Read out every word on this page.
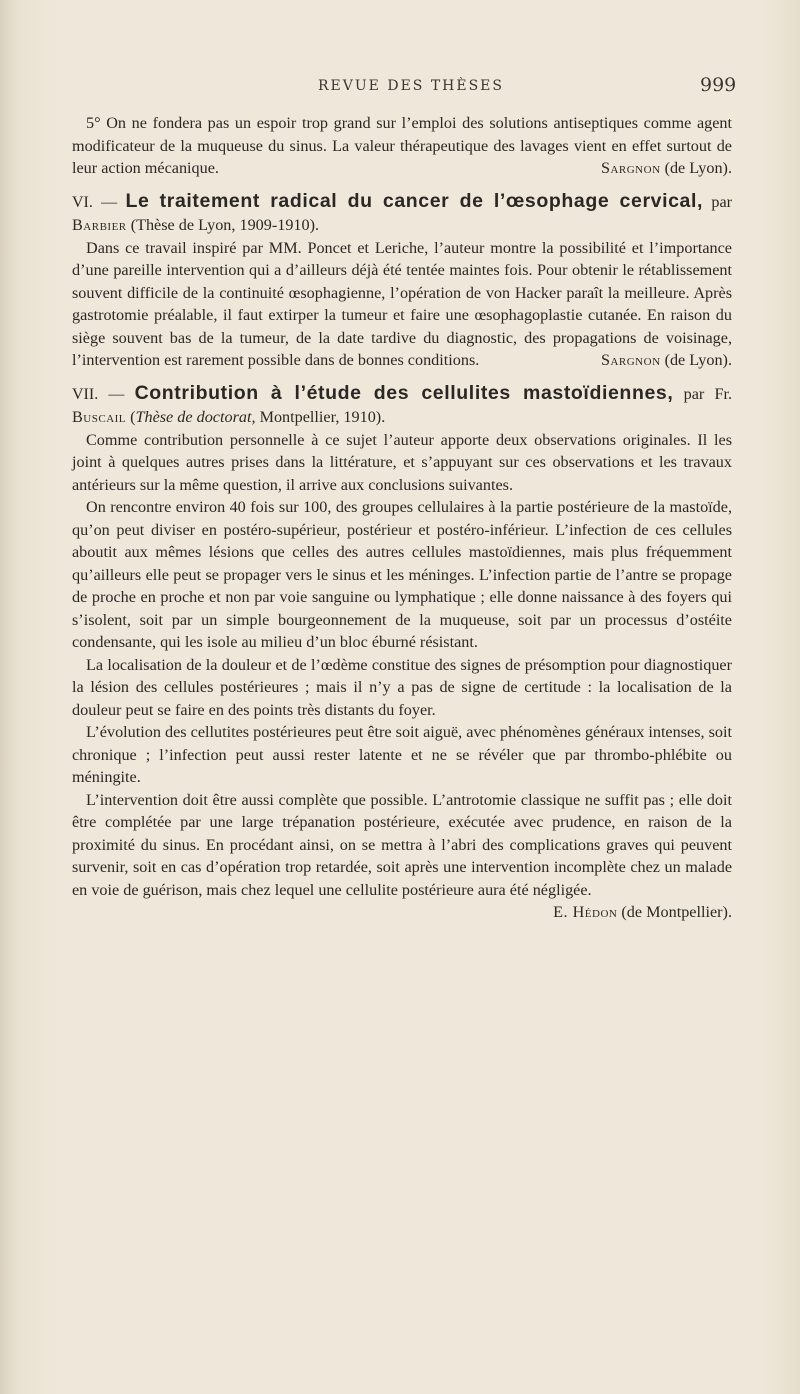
REVUE DES THÈSES	999

5° On ne fondera pas un espoir trop grand sur l’emploi des solutions antiseptiques comme agent modificateur de la muqueuse du sinus. La valeur thérapeutique des lavages vient en effet surtout de leur action mécanique.	Sargnon (de Lyon).

VI. — Le traitement radical du cancer de l’œsophage cervical, par Barbier (Thèse de Lyon, 1909-1910).

Dans ce travail inspiré par MM. Poncet et Leriche, l’auteur montre la possibilité et l’importance d’une pareille intervention qui a d’ailleurs déjà été tentée maintes fois. Pour obtenir le rétablissement souvent difficile de la continuité œsophagienne, l’opération de von Hacker paraît la meilleure. Après gastrotomie préalable, il faut extirper la tumeur et faire une œsophagoplastie cutanée. En raison du siège souvent bas de la tumeur, de la date tardive du diagnostic, des propagations de voisinage, l’intervention est rarement possible dans de bonnes conditions.	Sargnon (de Lyon).

VII. — Contribution à l’étude des cellulites mastoïdiennes, par Fr. Buscail (Thèse de doctorat, Montpellier, 1910).

Comme contribution personnelle à ce sujet l’auteur apporte deux observations originales. Il les joint à quelques autres prises dans la littérature, et s’appuyant sur ces observations et les travaux antérieurs sur la même question, il arrive aux conclusions suivantes.

On rencontre environ 40 fois sur 100, des groupes cellulaires à la partie postérieure de la mastoïde, qu’on peut diviser en postéro-supérieur, postérieur et postéro-inférieur. L’infection de ces cellules aboutit aux mêmes lésions que celles des autres cellules mastoïdiennes, mais plus fréquemment qu’ailleurs elle peut se propager vers le sinus et les méninges. L’infection partie de l’antre se propage de proche en proche et non par voie sanguine ou lymphatique ; elle donne naissance à des foyers qui s’isolent, soit par un simple bourgeonnement de la muqueuse, soit par un processus d’ostéite condensante, qui les isole au milieu d’un bloc éburné résistant.

La localisation de la douleur et de l’œdème constitue des signes de présomption pour diagnostiquer la lésion des cellules postérieures ; mais il n’y a pas de signe de certitude : la localisation de la douleur peut se faire en des points très distants du foyer.

L’évolution des cellutites postérieures peut être soit aiguë, avec phénomènes généraux intenses, soit chronique ; l’infection peut aussi rester latente et ne se révéler que par thrombo-phlébite ou méningite.

L’intervention doit être aussi complète que possible. L’antrotomie classique ne suffit pas ; elle doit être complétée par une large trépanation postérieure, exécutée avec prudence, en raison de la proximité du sinus. En procédant ainsi, on se mettra à l’abri des complications graves qui peuvent survenir, soit en cas d’opération trop retardée, soit après une intervention incomplète chez un malade en voie de guérison, mais chez lequel une cellulite postérieure aura été négligée.
E. Hédon (de Montpellier).
